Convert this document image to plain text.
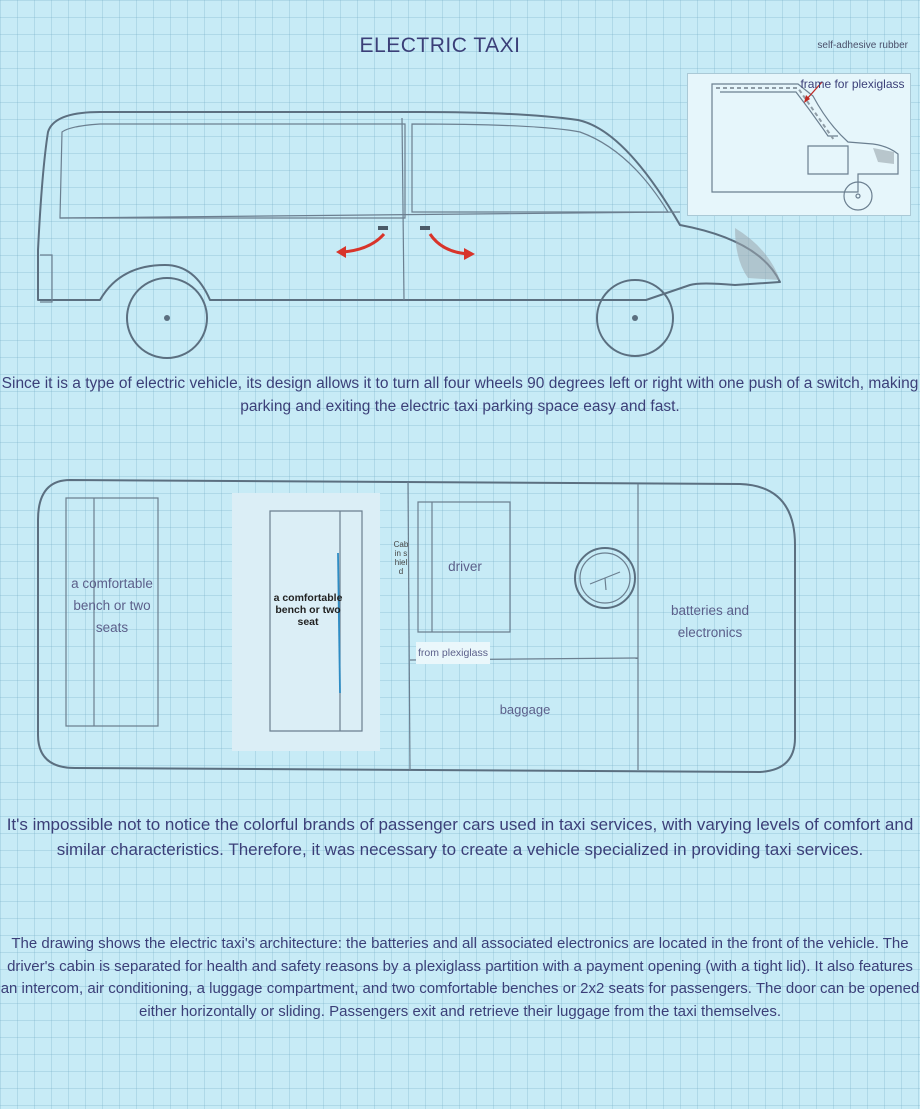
ELECTRIC TAXI	self-adhesive rubber
frame for plexiglass
Since it is a type of electric vehicle, its design allows it to turn all four wheels 90 degrees left or right with one push of a switch, making parking and exiting the electric taxi parking space easy and fast.
a comfortable bench or two seats
a comfortable bench or two seat
Cabin shield
from plexiglass
driver
batteries and electronics
baggage
It's impossible not to notice the colorful brands of passenger cars used in taxi services, with varying levels of comfort and similar characteristics. Therefore, it was necessary to create a vehicle specialized in providing taxi services.
The drawing shows the electric taxi's architecture: the batteries and all associated electronics are located in the front of the vehicle. The driver's cabin is separated for health and safety reasons by a plexiglass partition with a payment opening (with a tight lid). It also features an intercom, air conditioning, a luggage compartment, and two comfortable benches or 2x2 seats for passengers. The door can be opened either horizontally or sliding. Passengers exit and retrieve their luggage from the taxi themselves.
